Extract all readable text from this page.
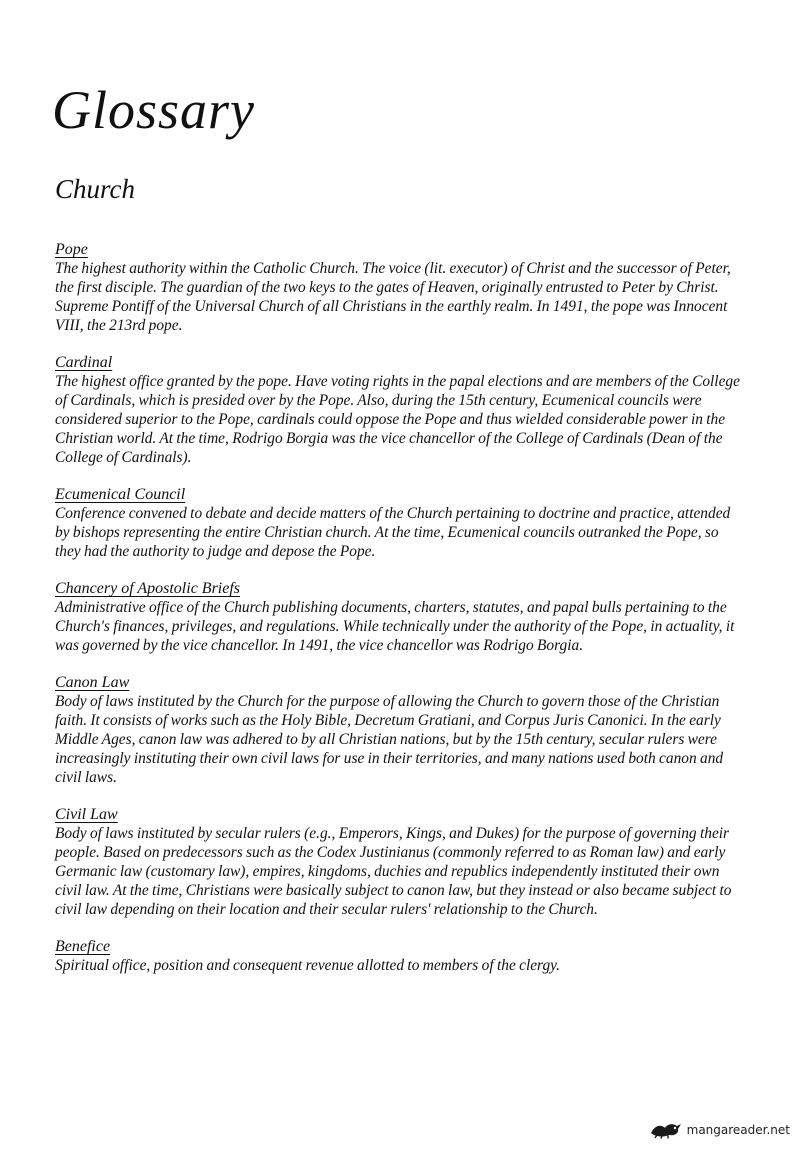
Glossary
Church

Pope

The highest authority within the Catholic Church. The voice (lit. executor) of Christ and the successor of Peter, the first disciple. The guardian of the two keys to the gates of Heaven, originally entrusted to Peter by Christ. Supreme Pontiff of the Universal Church of all Christians in the earthly realm. In 1491, the pope was Innocent VIII, the 213rd pope.

Cardinal

The highest office granted by the pope. Have voting rights in the papal elections and are members of the College of Cardinals, which is presided over by the Pope. Also, during the 15th century, Ecumenical councils were considered superior to the Pope, cardinals could oppose the Pope and thus wielded considerable power in the Christian world. At the time, Rodrigo Borgia was the vice chancellor of the College of Cardinals (Dean of the College of Cardinals).

Ecumenical Council

Conference convened to debate and decide matters of the Church pertaining to doctrine and practice, attended by bishops representing the entire Christian church. At the time, Ecumenical councils outranked the Pope, so they had the authority to judge and depose the Pope.

Chancery of Apostolic Briefs

Administrative office of the Church publishing documents, charters, statutes, and papal bulls pertaining to the Church's finances, privileges, and regulations. While technically under the authority of the Pope, in actuality, it was governed by the vice chancellor. In 1491, the vice chancellor was Rodrigo Borgia.

Canon Law

Body of laws instituted by the Church for the purpose of allowing the Church to govern those of the Christian faith. It consists of works such as the Holy Bible, Decretum Gratiani, and Corpus Juris Canonici. In the early Middle Ages, canon law was adhered to by all Christian nations, but by the 15th century, secular rulers were increasingly instituting their own civil laws for use in their territories, and many nations used both canon and civil laws.

Civil Law

Body of laws instituted by secular rulers (e.g., Emperors, Kings, and Dukes) for the purpose of governing their people. Based on predecessors such as the Codex Justinianus (commonly referred to as Roman law) and early Germanic law (customary law), empires, kingdoms, duchies and republics independently instituted their own civil law. At the time, Christians were basically subject to canon law, but they instead or also became subject to civil law depending on their location and their secular rulers' relationship to the Church.

Benefice

Spiritual office, position and consequent revenue allotted to members of the clergy.

mangareader.net
